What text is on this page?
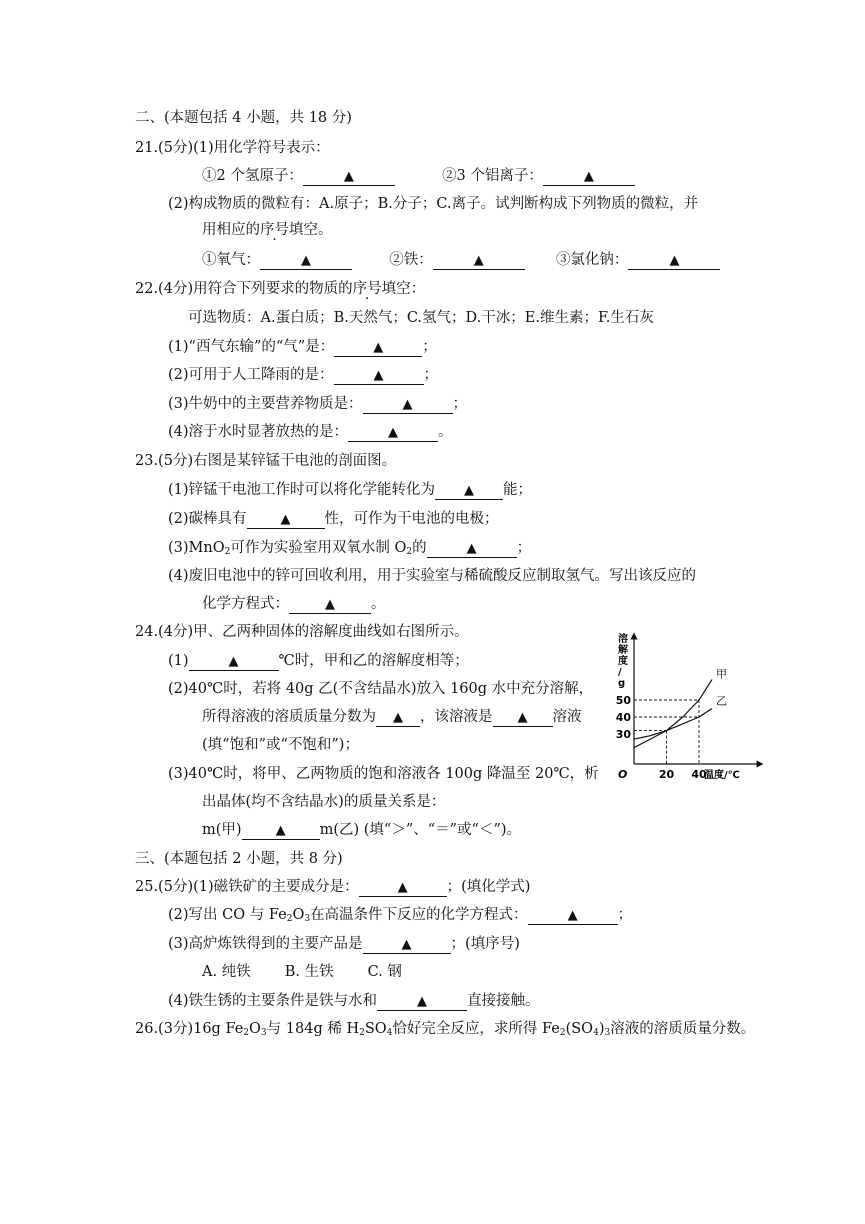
二、(本题包括 4 小题，共 18 分)
21.(5分)(1)用化学符号表示：
①2 个氢原子：	▲	②3 个铝离子：	▲
(2)构成物质的微粒有：A.原子；B.分子；C.离子。试判断构成下列物质的微粒，并
用相应的序号填空。
①氧气：	▲	②铁：	▲	③氯化钠：	▲
22.(4分)用符合下列要求的物质的序号填空：
可选物质：A.蛋白质；B.天然气；C.氢气；D.干冰；E.维生素；F.生石灰
(1)“西气东输”的“气”是：	▲	；
(2)可用于人工降雨的是：	▲	；
(3)牛奶中的主要营养物质是：	▲	；
(4)溶于水时显著放热的是：	▲	。
23.(5分)右图是某锌锰干电池的剖面图。
(1)锌锰干电池工作时可以将化学能转化为 ▲ 能；
(2)碳棒具有	▲ 性，可作为干电池的电极；
(3)MnO$_2$可作为实验室用双氧水制 $O_2$的	▲	；
(4)废旧电池中的锌可回收利用，用于实验室与稀硫酸反应制取氢气。写出该反应的
化学方程式：	▲ 。
24.(4分)甲、乙两种固体的溶解度曲线如右图所示。
(1)	▲	℃时，甲和乙的溶解度相等；
(2)40℃时，若将 40g 乙(不含结晶水)放入 160g 水中充分溶解，
所得溶液的溶质质量分数为 ▲ ，该溶液是 ▲ 溶液
(填“饱和”或“不饱和”)；
(3)40℃时，将甲、乙两物质的饱和溶液各 100g 降温至 20℃，析
出晶体(均不含结晶水)的质量关系是：
m(甲)	▲ m(乙) (填“＞”、“＝”或“＜”)。
甲
乙
30
40
50
20 40
溶解度/ g
温度/℃
O
三、(本题包括 2 小题，共 8 分)
25.(5分)(1)磁铁矿的主要成分是：	▲	；(填化学式)
(2)写出 CO 与 $Fe_2O_3$在高温条件下反应的化学方程式：	▲	；
(3)高炉炼铁得到的主要产品是	▲	；(填序号)
A. 纯铁 B. 生铁 C. 钢
(4)铁生锈的主要条件是铁与水和	▲	直接接触。
26.(3分)16g $Fe_2O_3$与 184g 稀 $H_2SO_4$恰好完全反应，求所得 $Fe_2(SO_4)_3$溶液的溶质质量分数。
